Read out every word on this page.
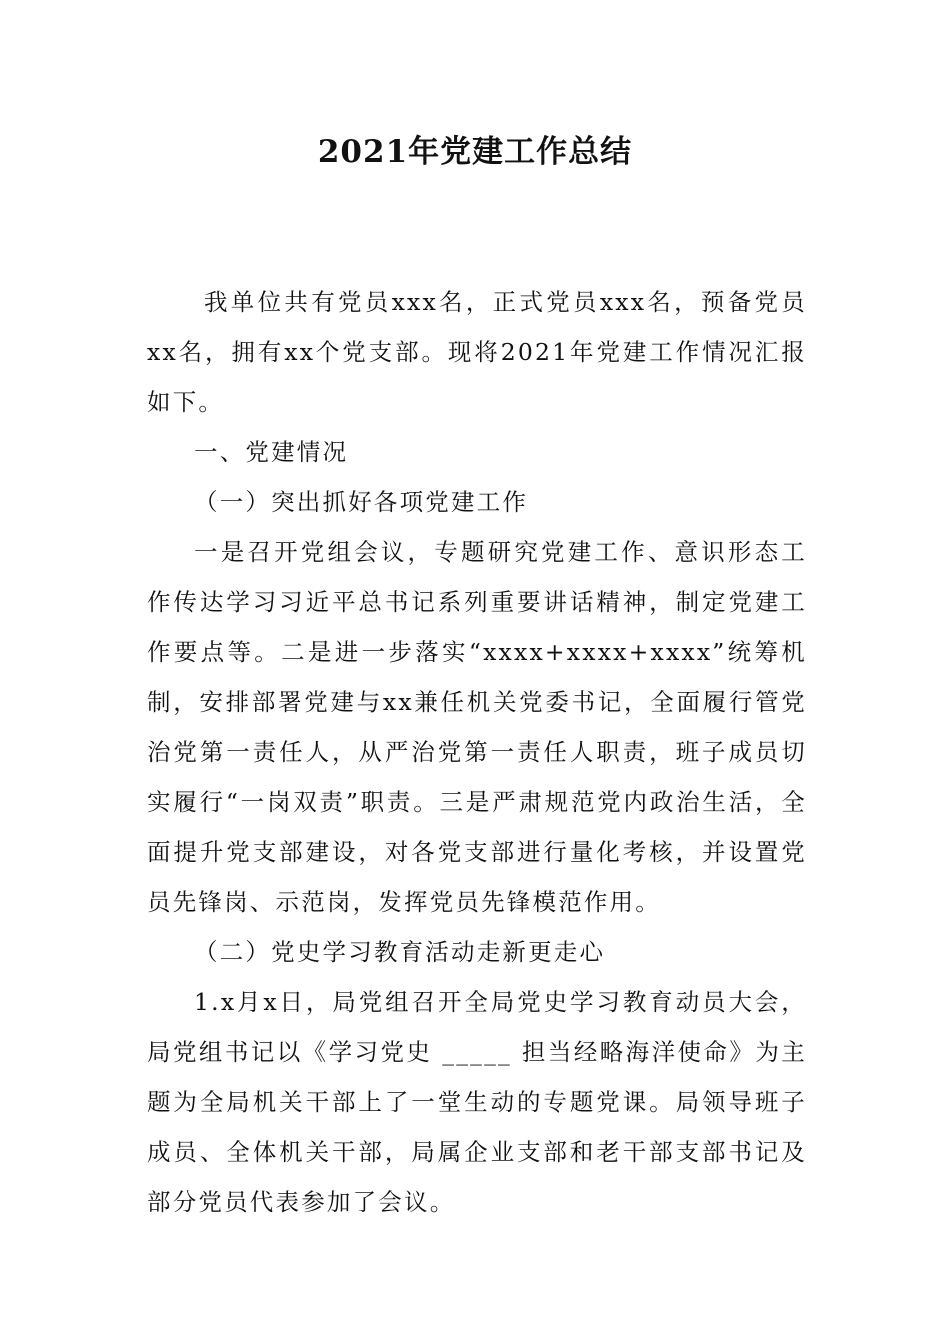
2021年党建工作总结

我单位共有党员xxx名，正式党员xxx名，预备党员xx名，拥有xx个党支部。现将2021年党建工作情况汇报如下。

一、党建情况

（一）突出抓好各项党建工作

一是召开党组会议，专题研究党建工作、意识形态工作传达学习习近平总书记系列重要讲话精神，制定党建工作要点等。二是进一步落实“xxxx+xxxx+xxxx”统筹机制，安排部署党建与xx兼任机关党委书记，全面履行管党治党第一责任人，从严治党第一责任人职责，班子成员切实履行“一岗双责”职责。三是严肃规范党内政治生活，全面提升党支部建设，对各党支部进行量化考核，并设置党员先锋岗、示范岗，发挥党员先锋模范作用。

（二）党史学习教育活动走新更走心

1.x月x日，局党组召开全局党史学习教育动员大会，局党组书记以《学习党史 _____ 担当经略海洋使命》为主题为全局机关干部上了一堂生动的专题党课。局领导班子成员、全体机关干部，局属企业支部和老干部支部书记及部分党员代表参加了会议。
